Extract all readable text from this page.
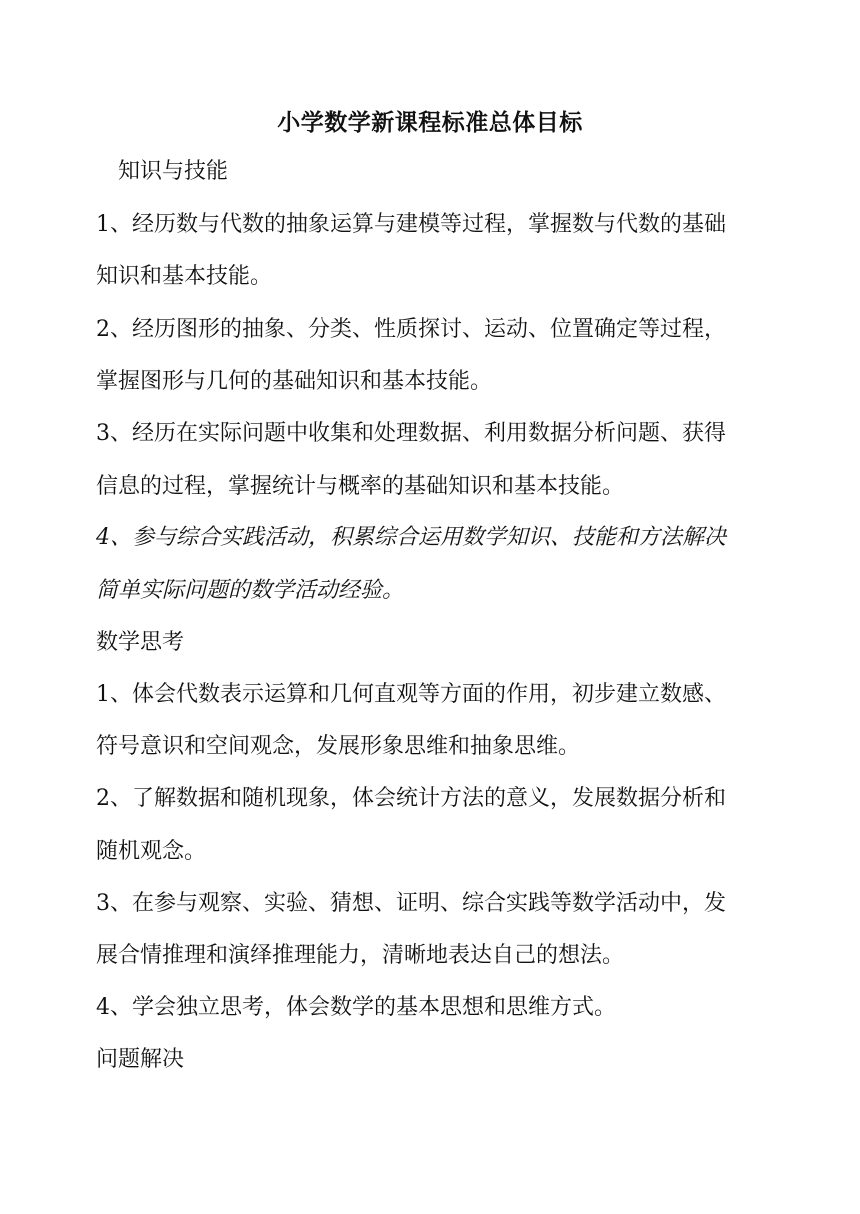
小学数学新课程标准总体目标

知识与技能

1、经历数与代数的抽象运算与建模等过程，掌握数与代数的基础

知识和基本技能。

2、经历图形的抽象、分类、性质探讨、运动、位置确定等过程，

掌握图形与几何的基础知识和基本技能。

3、经历在实际问题中收集和处理数据、利用数据分析问题、获得

信息的过程，掌握统计与概率的基础知识和基本技能。

4、参与综合实践活动，积累综合运用数学知识、技能和方法解决

简单实际问题的数学活动经验。

数学思考

1、体会代数表示运算和几何直观等方面的作用，初步建立数感、

符号意识和空间观念，发展形象思维和抽象思维。

2、了解数据和随机现象，体会统计方法的意义，发展数据分析和

随机观念。

3、在参与观察、实验、猜想、证明、综合实践等数学活动中，发

展合情推理和演绎推理能力，清晰地表达自己的想法。

4、学会独立思考，体会数学的基本思想和思维方式。

问题解决
